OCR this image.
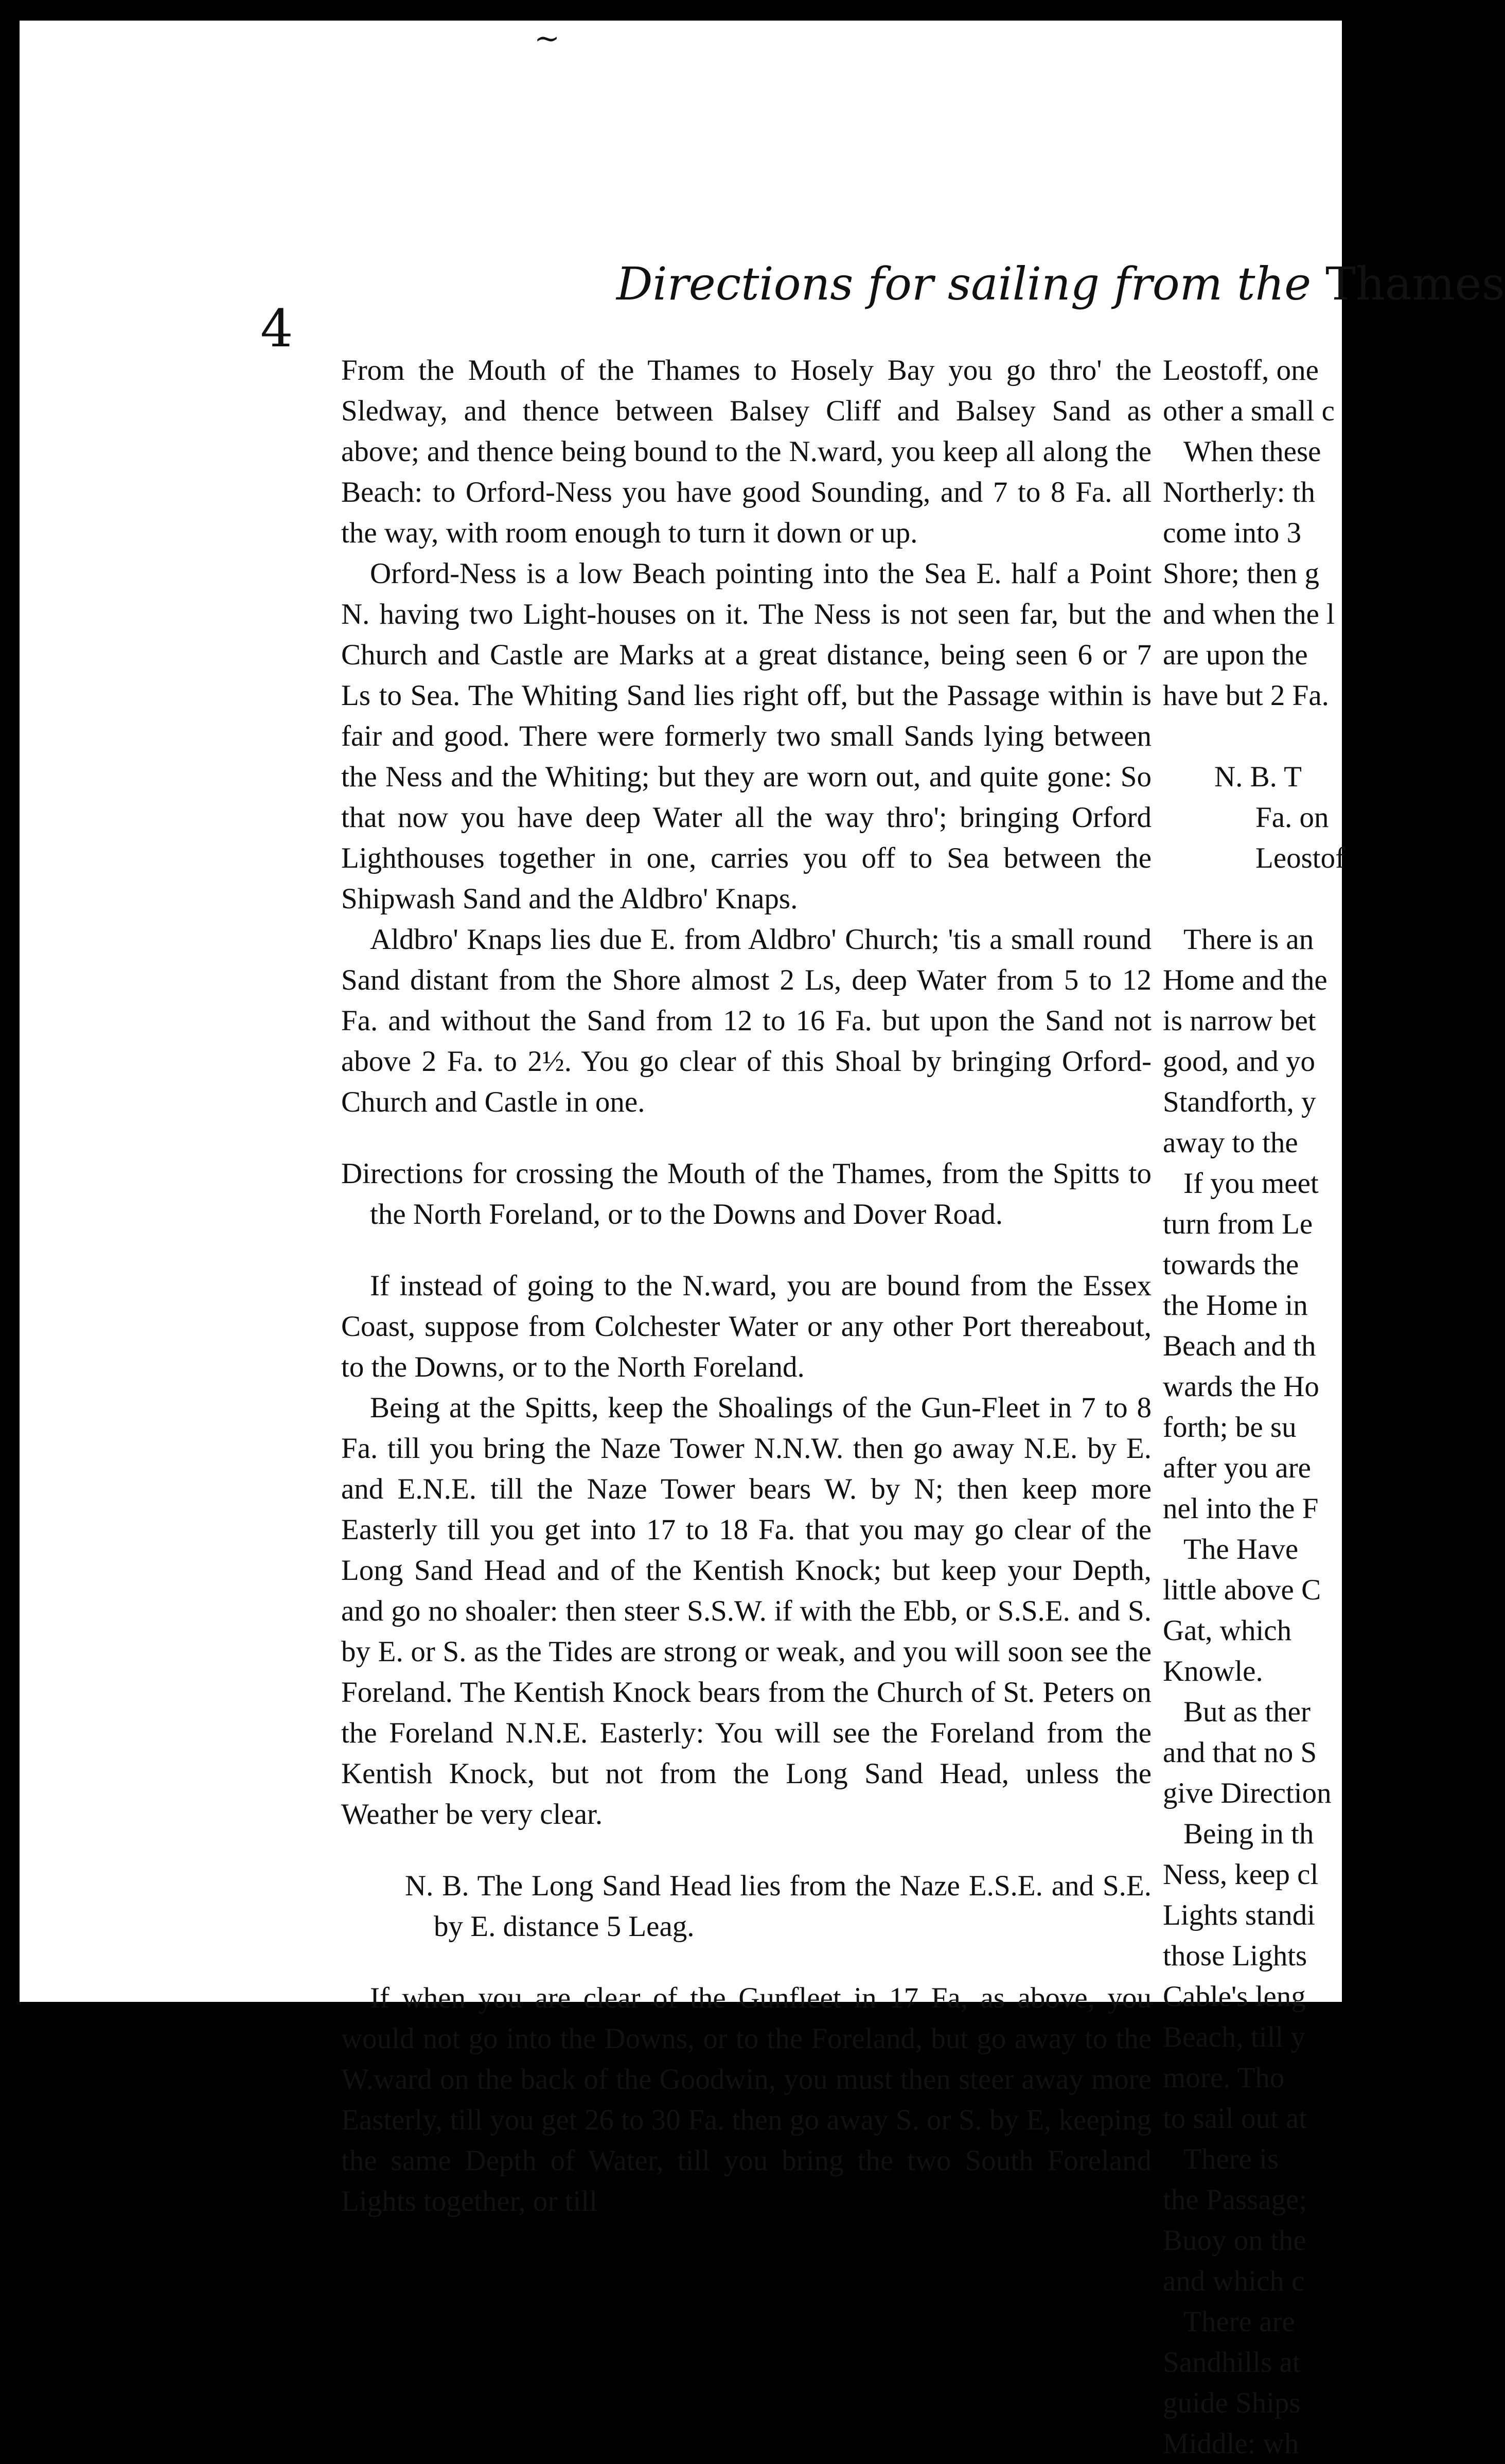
~
4
Directions for sailing from the Thames

From the Mouth of the Thames to Hosely Bay you go thro' the Sledway, and thence between Balsey Cliff and Balsey Sand as above; and thence being bound to the N.ward, you keep all along the Beach: to Orford-Ness you have good Sounding, and 7 to 8 Fa. all the way, with room enough to turn it down or up.

Orford-Ness is a low Beach pointing into the Sea E. half a Point N. having two Light-houses on it. The Ness is not seen far, but the Church and Castle are Marks at a great distance, being seen 6 or 7 Ls to Sea. The Whiting Sand lies right off, but the Passage within is fair and good. There were formerly two small Sands lying between the Ness and the Whiting; but they are worn out, and quite gone: So that now you have deep Water all the way thro'; bringing Orford Lighthouses together in one, carries you off to Sea between the Shipwash Sand and the Aldbro' Knaps.

Aldbro' Knaps lies due E. from Aldbro' Church; 'tis a small round Sand distant from the Shore almost 2 Ls, deep Water from 5 to 12 Fa. and without the Sand from 12 to 16 Fa. but upon the Sand not above 2 Fa. to 2½. You go clear of this Shoal by bringing Orford-Church and Castle in one.

Directions for crossing the Mouth of the Thames, from the Spitts to the North Foreland, or to the Downs and Dover Road.

If instead of going to the N.ward, you are bound from the Essex Coast, suppose from Colchester Water or any other Port thereabout, to the Downs, or to the North Foreland.

Being at the Spitts, keep the Shoalings of the Gun-Fleet in 7 to 8 Fa. till you bring the Naze Tower N.N.W. then go away N.E. by E. and E.N.E. till the Naze Tower bears W. by N; then keep more Easterly till you get into 17 to 18 Fa. that you may go clear of the Long Sand Head and of the Kentish Knock; but keep your Depth, and go no shoaler: then steer S.S.W. if with the Ebb, or S.S.E. and S. by E. or S. as the Tides are strong or weak, and you will soon see the Foreland. The Kentish Knock bears from the Church of St. Peters on the Foreland N.N.E. Easterly: You will see the Foreland from the Kentish Knock, but not from the Long Sand Head, unless the Weather be very clear.

N. B. The Long Sand Head lies from the Naze E.S.E. and S.E. by E. distance 5 Leag.

If when you are clear of the Gunfleet in 17 Fa, as above, you would not go into the Downs, or to the Foreland, but go away to the W.ward on the back of the Goodwin, you must then steer away more Easterly, till you get 26 to 30 Fa. then go away S. or S. by E, keeping the same Depth of Water, till you bring the two South Foreland Lights together, or till

Leostoff, one

other a small c

When these

Northerly: th

come into 3

Shore; then g

and when the l

are upon the

have but 2 Fa.

N. B. T

Fa. on

Leostof

There is an

Home and the

is narrow bet

good, and yo

Standforth, y

away to the

If you meet

turn from Le

towards the

the Home in

Beach and th

wards the Ho

forth; be su

after you are

nel into the F

The Have

little above C

Gat, which

Knowle.

But as ther

and that no S

give Direction

Being in th

Ness, keep cl

Lights standi

those Lights

Cable's leng

Beach, till y

more. Tho

to sail out at

There is

the Passage;

Buoy on the

and which c

There are

Sandhills at

guide Ships

Middle: wh
